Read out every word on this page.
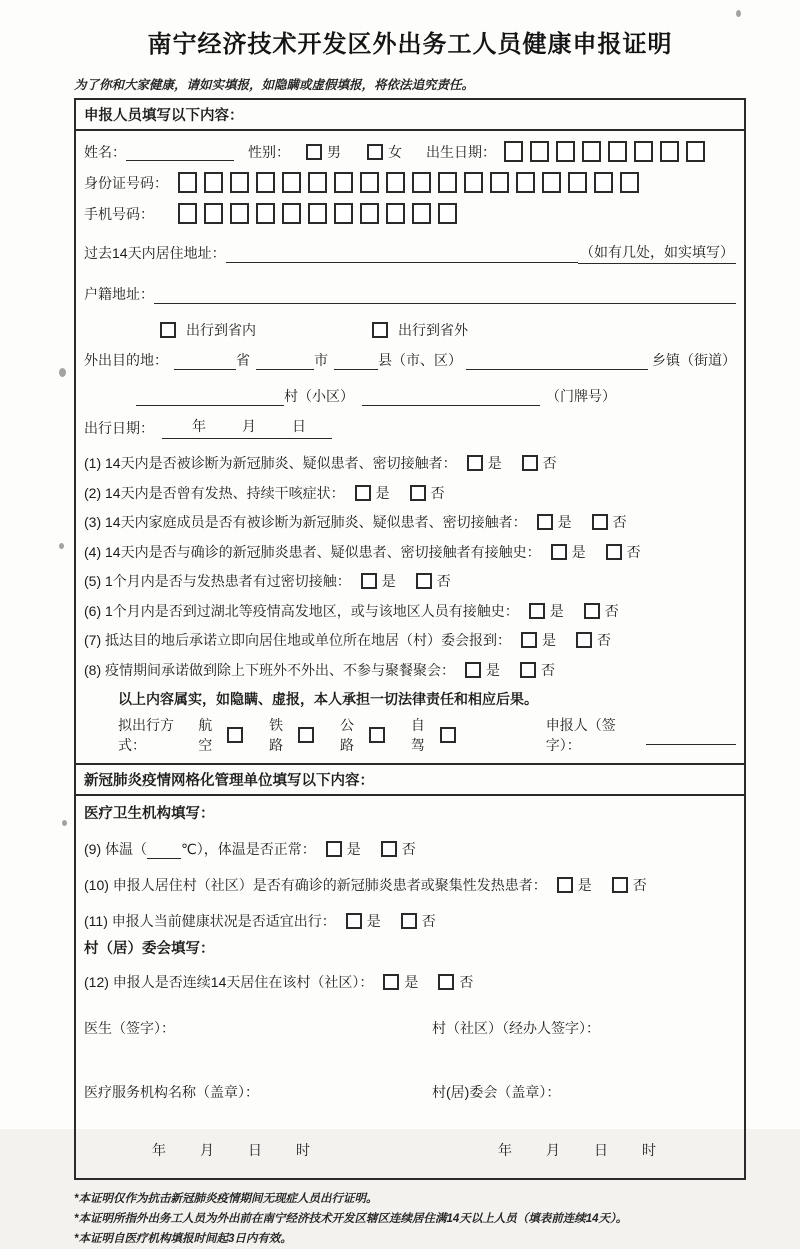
南宁经济技术开发区外出务工人员健康申报证明
为了你和大家健康，请如实填报，如隐瞒或虚假填报，将依法追究责任。
申报人员填写以下内容：
姓名：	性别：	男	女 出生日期：
身份证号码：
手机号码：
过去14天内居住地址：	（如有几处，如实填写）
户籍地址：
出行到省内	出行到省外
外出目的地：	省	市	县（市、区）	乡镇（街道）
村（小区）	（门牌号）
出行日期：	年	月	日
(1) 14天内是否被诊断为新冠肺炎、疑似患者、密切接触者： 是	否
(2) 14天内是否曾有发热、持续干咳症状： 是	否
(3) 14天内家庭成员是否有被诊断为新冠肺炎、疑似患者、密切接触者： 是	否
(4) 14天内是否与确诊的新冠肺炎患者、疑似患者、密切接触者有接触史： 是	否
(5) 1个月内是否与发热患者有过密切接触： 是	否
(6) 1个月内是否到过湖北等疫情高发地区，或与该地区人员有接触史： 是	否
(7) 抵达目的地后承诺立即向居住地或单位所在地居（村）委会报到： 是	否
(8) 疫情期间承诺做到除上下班外不外出、不参与聚餐聚会： 是	否
以上内容属实，如隐瞒、虚报，本人承担一切法律责任和相应后果。
拟出行方式：
航空
铁路
公路
自驾
申报人（签字）：
新冠肺炎疫情网格化管理单位填写以下内容：
医疗卫生机构填写：
(9) 体温（ ℃），体温是否正常： 是	否
(10) 申报人居住村（社区）是否有确诊的新冠肺炎患者或聚集性发热患者： 是	否
(11) 申报人当前健康状况是否适宜出行： 是	否
村（居）委会填写：
(12) 申报人是否连续14天居住在该村（社区）： 是	否
医生（签字）：	村（社区）（经办人签字）：
医疗服务机构名称（盖章）：	村(居)委会（盖章）：
年 月 日 时	年 月 日 时
*本证明仅作为抗击新冠肺炎疫情期间无现症人员出行证明。
*本证明所指外出务工人员为外出前在南宁经济技术开发区辖区连续居住满14天以上人员（填表前连续14天）。
*本证明自医疗机构填报时间起3日内有效。
